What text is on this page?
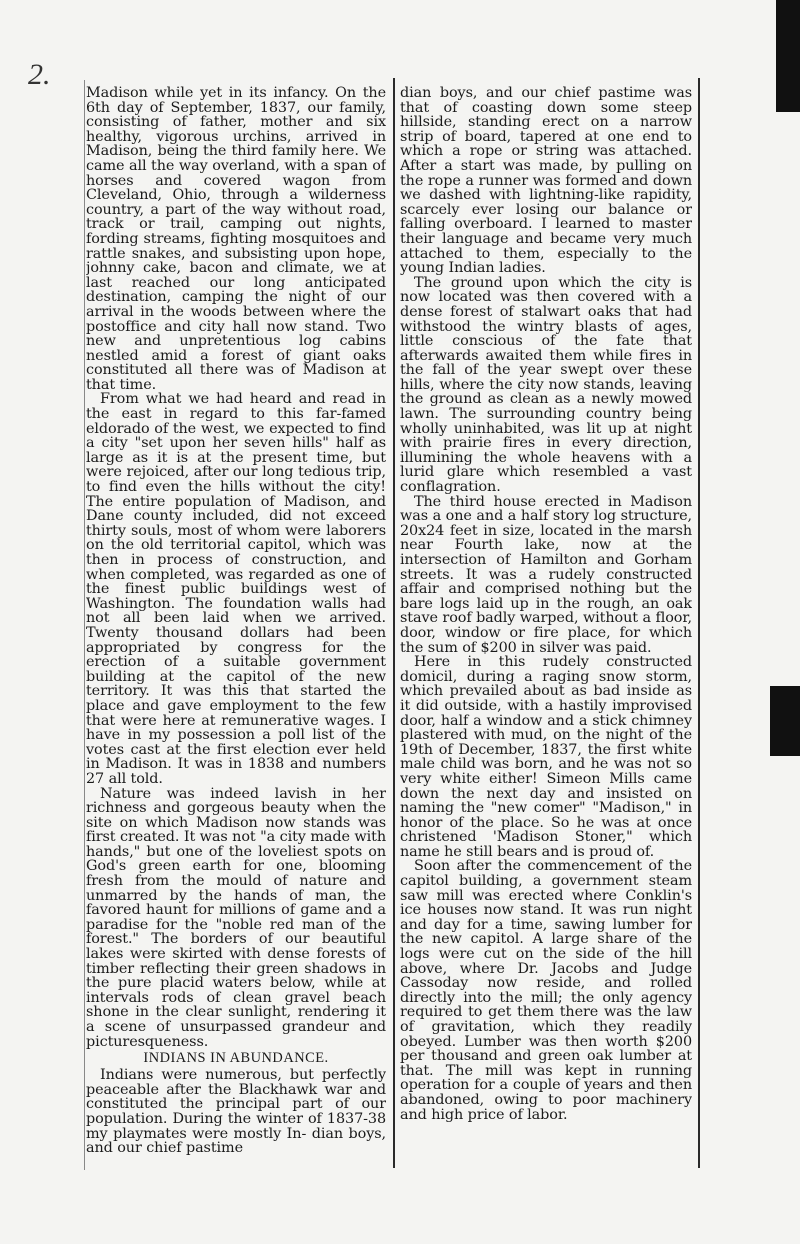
2.

Madison while yet in its infancy. On the 6th day of September, 1837, our family, consisting of father, mother and six healthy, vigorous urchins, arrived in Madison, being the third family here. We came all the way overland, with a span of horses and covered wagon from Cleveland, Ohio, through a wilderness country, a part of the way without road, track or trail, camping out nights, fording streams, fighting mosquitoes and rattle snakes, and subsisting upon hope, johnny cake, bacon and climate, we at last reached our long anticipated destination, camping the night of our arrival in the woods between where the postoffice and city hall now stand. Two new and unpretentious log cabins nestled amid a forest of giant oaks constituted all there was of Madison at that time.

From what we had heard and read in the east in regard to this far-famed eldorado of the west, we expected to find a city "set upon her seven hills" half as large as it is at the present time, but were rejoiced, after our long tedious trip, to find even the hills without the city! The entire population of Madison, and Dane county included, did not exceed thirty souls, most of whom were laborers on the old territorial capitol, which was then in process of construction, and when completed, was regarded as one of the finest public buildings west of Washington. The foundation walls had not all been laid when we arrived. Twenty thousand dollars had been appropriated by congress for the erection of a suitable government building at the capitol of the new territory. It was this that started the place and gave employment to the few that were here at remunerative wages. I have in my possession a poll list of the votes cast at the first election ever held in Madison. It was in 1838 and numbers 27 all told.

Nature was indeed lavish in her richness and gorgeous beauty when the site on which Madison now stands was first created. It was not "a city made with hands," but one of the loveliest spots on God's green earth for one, blooming fresh from the mould of nature and unmarred by the hands of man, the favored haunt for millions of game and a paradise for the "noble red man of the forest." The borders of our beautiful lakes were skirted with dense forests of timber reflecting their green shadows in the pure placid waters below, while at intervals rods of clean gravel beach shone in the clear sunlight, rendering it a scene of unsurpassed grandeur and picturesqueness.

INDIANS IN ABUNDANCE.

Indians were numerous, but perfectly peaceable after the Blackhawk war and constituted the principal part of our population. During the winter of 1837-38 my playmates were mostly In- dian boys, and our chief pastime

dian boys, and our chief pastime was that of coasting down some steep hillside, standing erect on a narrow strip of board, tapered at one end to which a rope or string was attached. After a start was made, by pulling on the rope a runner was formed and down we dashed with lightning-like rapidity, scarcely ever losing our balance or falling overboard. I learned to master their language and became very much attached to them, especially to the young Indian ladies.

The ground upon which the city is now located was then covered with a dense forest of stalwart oaks that had withstood the wintry blasts of ages, little conscious of the fate that afterwards awaited them while fires in the fall of the year swept over these hills, where the city now stands, leaving the ground as clean as a newly mowed lawn. The surrounding country being wholly uninhabited, was lit up at night with prairie fires in every direction, illumining the whole heavens with a lurid glare which resembled a vast conflagration.

The third house erected in Madison was a one and a half story log structure, 20x24 feet in size, located in the marsh near Fourth lake, now at the intersection of Hamilton and Gorham streets. It was a rudely constructed affair and comprised nothing but the bare logs laid up in the rough, an oak stave roof badly warped, without a floor, door, window or fire place, for which the sum of $200 in silver was paid.

Here in this rudely constructed domicil, during a raging snow storm, which prevailed about as bad inside as it did outside, with a hastily improvised door, half a window and a stick chimney plastered with mud, on the night of the 19th of December, 1837, the first white male child was born, and he was not so very white either! Simeon Mills came down the next day and insisted on naming the "new comer" "Madison," in honor of the place. So he was at once christened 'Madison Stoner," which name he still bears and is proud of.

Soon after the commencement of the capitol building, a government steam saw mill was erected where Conklin's ice houses now stand. It was run night and day for a time, sawing lumber for the new capitol. A large share of the logs were cut on the side of the hill above, where Dr. Jacobs and Judge Cassoday now reside, and rolled directly into the mill; the only agency required to get them there was the law of gravitation, which they readily obeyed. Lumber was then worth $200 per thousand and green oak lumber at that. The mill was kept in running operation for a couple of years and then abandoned, owing to poor machinery and high price of labor.
